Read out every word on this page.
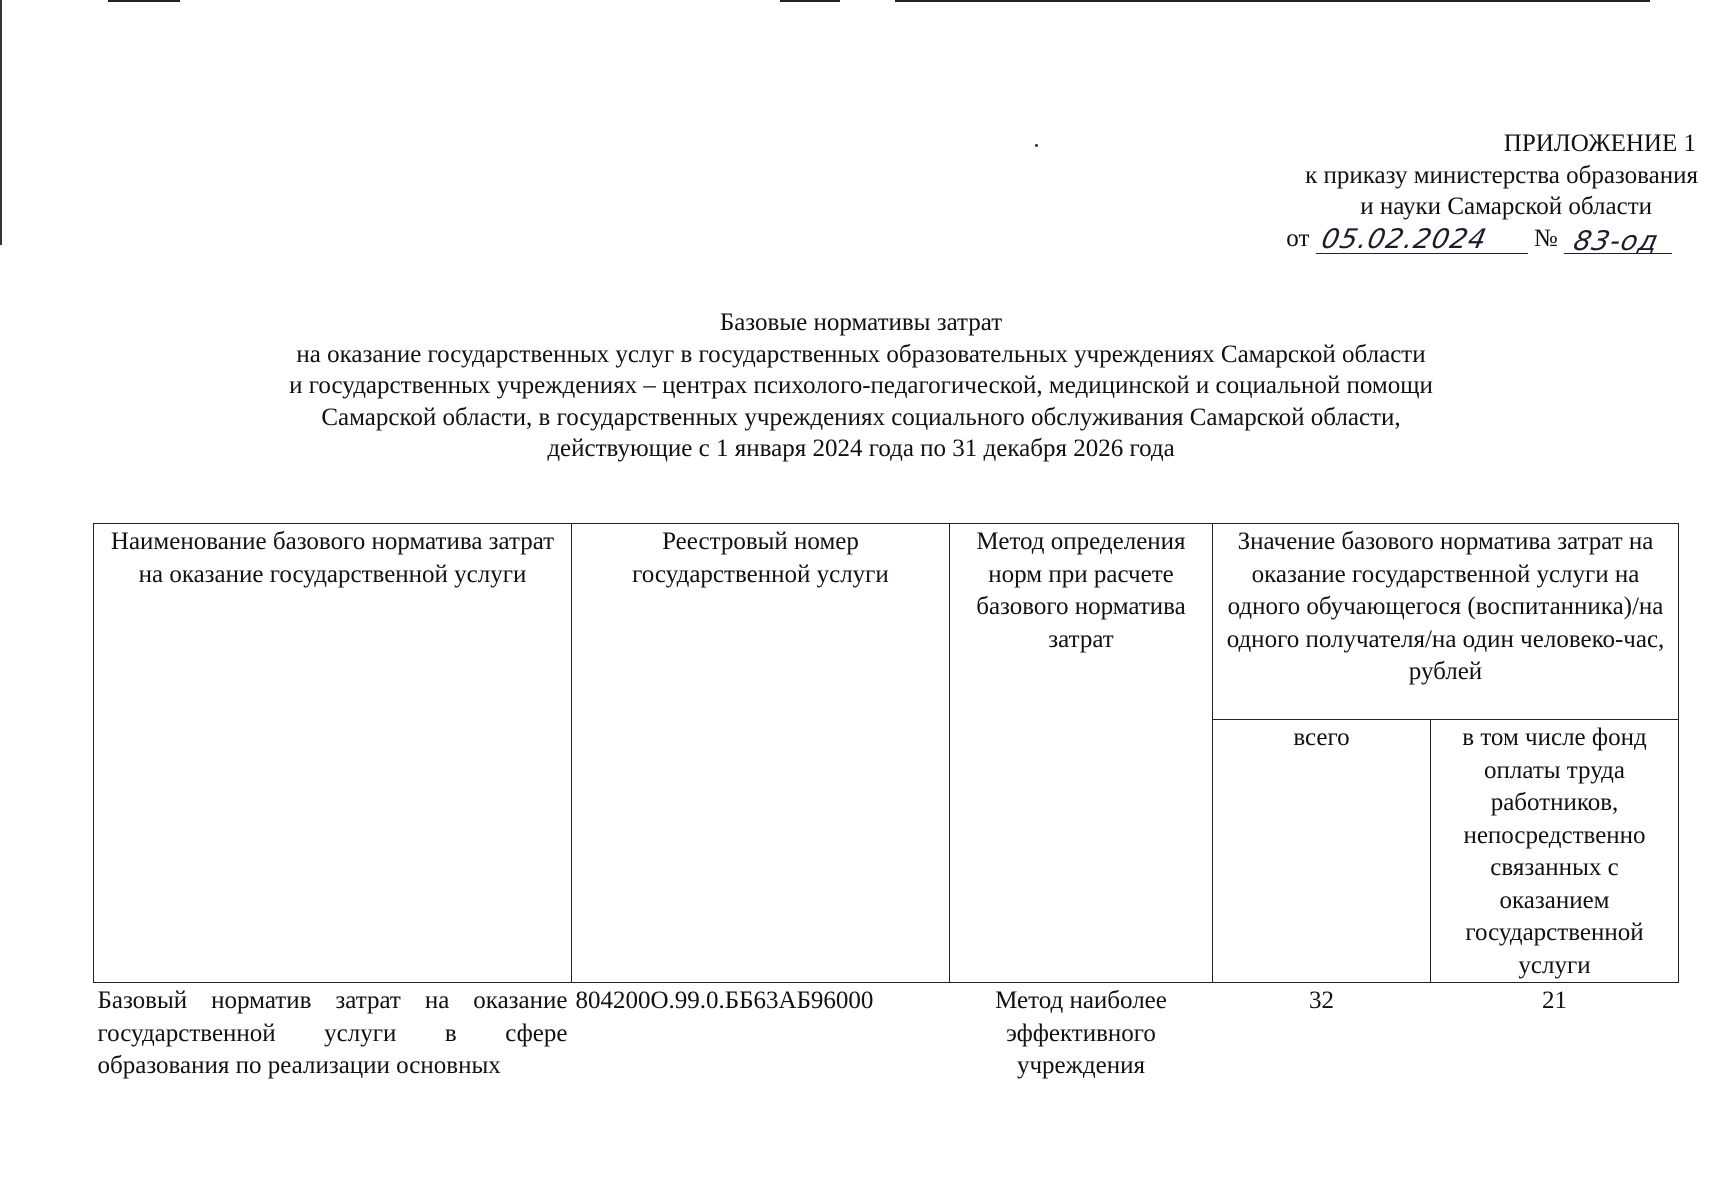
ПРИЛОЖЕНИЕ 1
к приказу министерства образования
и науки Самарской области
от 05.02.2024 № 83-од
Базовые нормативы затрат
на оказание государственных услуг в государственных образовательных учреждениях Самарской области
и государственных учреждениях – центрах психолого-педагогической, медицинской и социальной помощи
Самарской области, в государственных учреждениях социального обслуживания Самарской области,
действующие с 1 января 2024 года по 31 декабря 2026 года
Наименование базового норматива затрат на оказание государственной услуги	Реестровый номер государственной услуги	Метод определения норм при расчете базового норматива затрат	Значение базового норматива затрат на оказание государственной услуги на одного обучающегося (воспитанника)/на одного получателя/на один человеко-час, рублей	
			всего	в том числе фонд оплаты труда работников, непосредственно связанных с оказанием государственной услуги
Базовый норматив затрат на оказание государственной услуги в сфере образования по реализации основных	804200О.99.0.ББ63АБ96000	Метод наиболее эффективного учреждения	32	21
